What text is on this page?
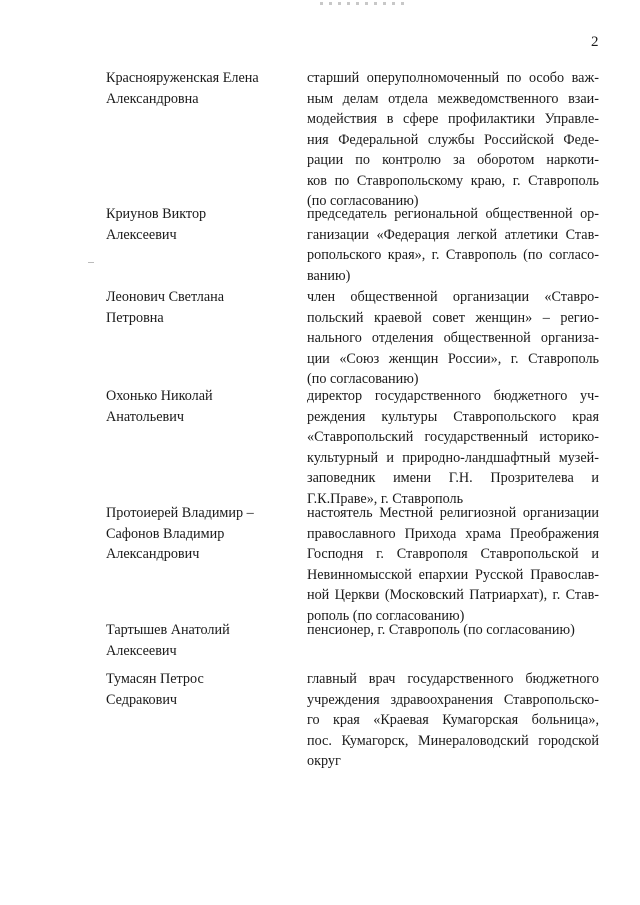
2
Краснояруженская Елена
Александровна
старший оперуполномоченный по особо важ-
ным делам отдела межведомственного взаи-
модействия в сфере профилактики Управле-
ния Федеральной службы Российской Феде-
рации по контролю за оборотом наркоти-
ков по Ставропольскому краю, г. Ставрополь
(по согласованию)
Криунов Виктор
Алексеевич
председатель региональной общественной ор-
ганизации «Федерация легкой атлетики Став-
ропольского края», г. Ставрополь (по согласо-
ванию)
Леонович Светлана
Петровна
член общественной организации «Ставро-
польский краевой совет женщин» – регио-
нального отделения общественной организа-
ции «Союз женщин России», г. Ставрополь
(по согласованию)
Охонько Николай
Анатольевич
директор государственного бюджетного уч-
реждения культуры Ставропольского края
«Ставропольский государственный историко-
культурный и природно-ландшафтный музей-
заповедник имени Г.Н. Прозрителева и
Г.К.Праве», г. Ставрополь
Протоиерей Владимир –
Сафонов Владимир
Александрович
настоятель Местной религиозной организации
православного Прихода храма Преображения
Господня г. Ставрополя Ставропольской и
Невинномысской епархии Русской Православ-
ной Церкви (Московский Патриархат), г. Став-
рополь (по согласованию)
Тартышев Анатолий
Алексеевич
пенсионер, г. Ставрополь (по согласованию)
Тумасян Петрос
Седракович
главный врач государственного бюджетного
учреждения здравоохранения Ставропольско-
го края «Краевая Кумагорская больница»,
пос. Кумагорск, Минераловодский городской
округ
